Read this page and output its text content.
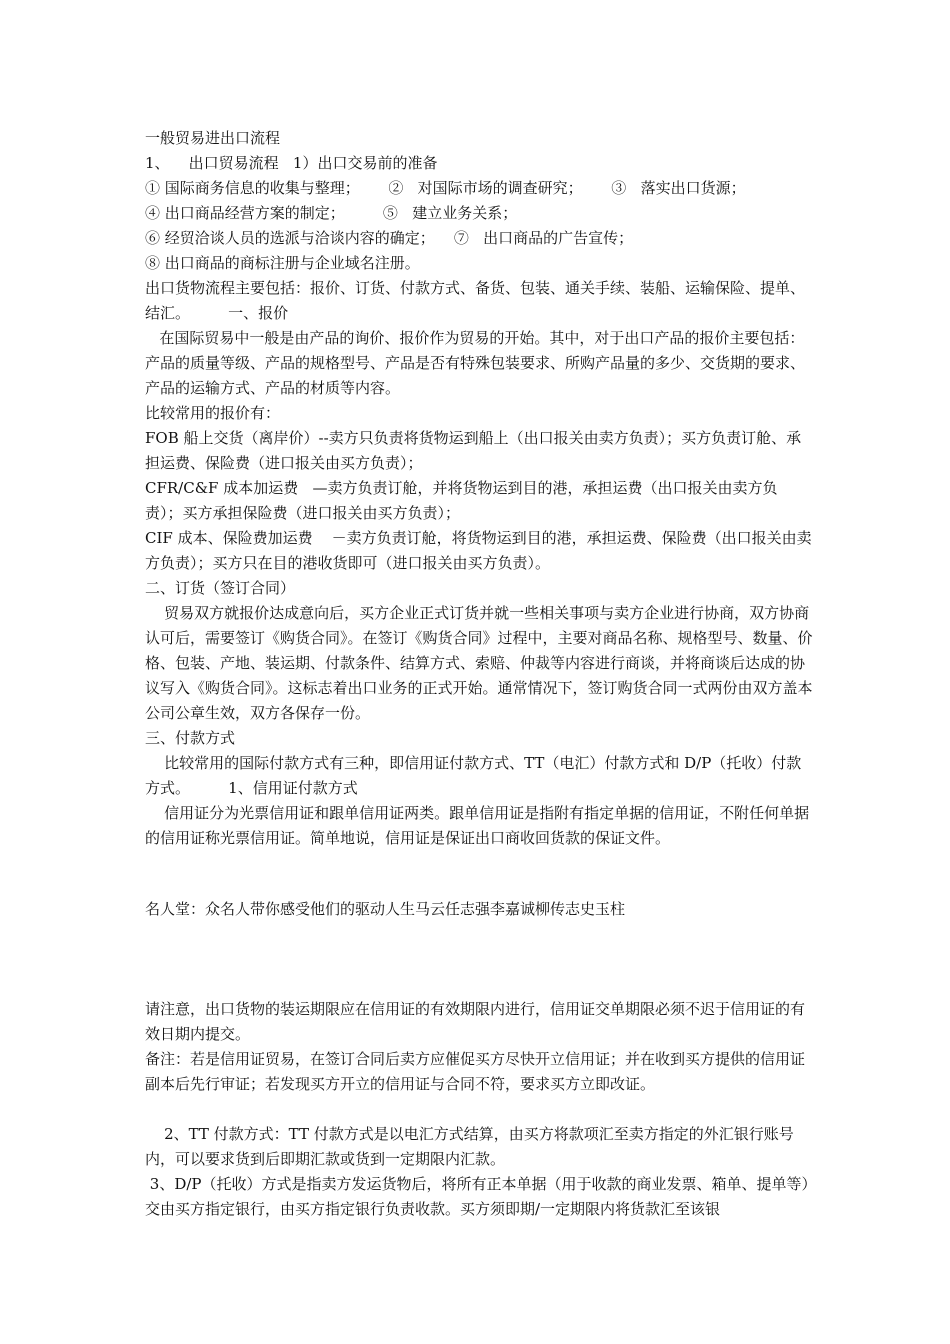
一般贸易进出口流程

1、    出口贸易流程   1）出口交易前的准备

① 国际商务信息的收集与整理；      ②   对国际市场的调查研究；      ③   落实出口货源；

④ 出口商品经营方案的制定；        ⑤   建立业务关系；

⑥ 经贸洽谈人员的选派与洽谈内容的确定；    ⑦   出口商品的广告宣传；

⑧ 出口商品的商标注册与企业域名注册。

出口货物流程主要包括：报价、订货、付款方式、备货、包装、通关手续、装船、运输保险、提单、结汇。        一、报价

在国际贸易中一般是由产品的询价、报价作为贸易的开始。其中，对于出口产品的报价主要包括：产品的质量等级、产品的规格型号、产品是否有特殊包装要求、所购产品量的多少、交货期的要求、产品的运输方式、产品的材质等内容。

比较常用的报价有：

FOB 船上交货（离岸价）--卖方只负责将货物运到船上（出口报关由卖方负责）；买方负责订舱、承担运费、保险费（进口报关由买方负责）；

CFR/C&F 成本加运费   —卖方负责订舱，并将货物运到目的港，承担运费（出口报关由卖方负责）；买方承担保险费（进口报关由买方负责）；

CIF 成本、保险费加运费    －卖方负责订舱，将货物运到目的港，承担运费、保险费（出口报关由卖方负责）；买方只在目的港收货即可（进口报关由买方负责）。

二、订货（签订合同）

贸易双方就报价达成意向后，买方企业正式订货并就一些相关事项与卖方企业进行协商，双方协商认可后，需要签订《购货合同》。在签订《购货合同》过程中，主要对商品名称、规格型号、数量、价格、包装、产地、装运期、付款条件、结算方式、索赔、仲裁等内容进行商谈，并将商谈后达成的协议写入《购货合同》。这标志着出口业务的正式开始。通常情况下，签订购货合同一式两份由双方盖本公司公章生效，双方各保存一份。

三、付款方式

比较常用的国际付款方式有三种，即信用证付款方式、TT（电汇）付款方式和 D/P（托收）付款方式。        1、信用证付款方式

信用证分为光票信用证和跟单信用证两类。跟单信用证是指附有指定单据的信用证，不附任何单据的信用证称光票信用证。简单地说，信用证是保证出口商收回货款的保证文件。

名人堂：众名人带你感受他们的驱动人生马云任志强李嘉诚柳传志史玉柱

请注意，出口货物的装运期限应在信用证的有效期限内进行，信用证交单期限必须不迟于信用证的有效日期内提交。

备注：若是信用证贸易，在签订合同后卖方应催促买方尽快开立信用证；并在收到买方提供的信用证副本后先行审证；若发现买方开立的信用证与合同不符，要求买方立即改证。

2、TT 付款方式：TT 付款方式是以电汇方式结算，由买方将款项汇至卖方指定的外汇银行账号内，可以要求货到后即期汇款或货到一定期限内汇款。

3、D/P（托收）方式是指卖方发运货物后，将所有正本单据（用于收款的商业发票、箱单、提单等）交由买方指定银行，由买方指定银行负责收款。买方须即期/一定期限内将货款汇至该银
